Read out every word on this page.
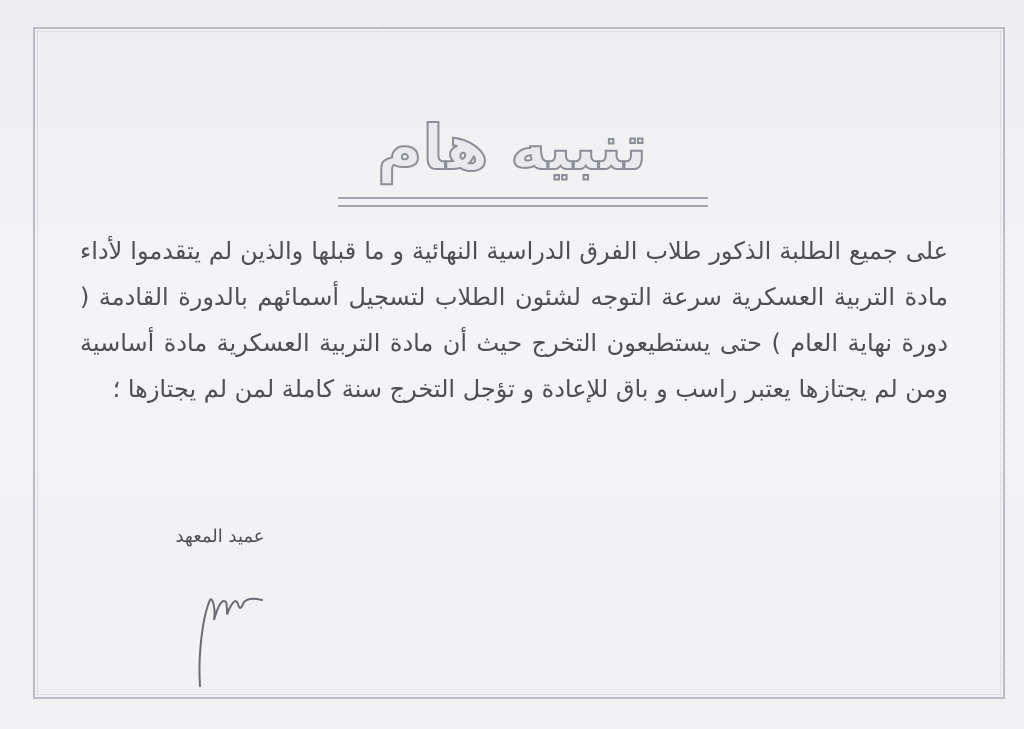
تنبيه هام

على جميع الطلبة الذكور طلاب الفرق الدراسية النهائية و ما قبلها والذين لم يتقدموا لأداء مادة التربية العسكرية سرعة التوجه لشئون الطلاب لتسجيل أسمائهم بالدورة القادمة ( دورة نهاية العام ) حتى يستطيعون التخرج حيث أن مادة التربية العسكرية مادة أساسية ومن لم يجتازها يعتبر راسب و باق للإعادة و تؤجل التخرج سنة كاملة لمن لم يجتازها ؛

عميد المعهد
